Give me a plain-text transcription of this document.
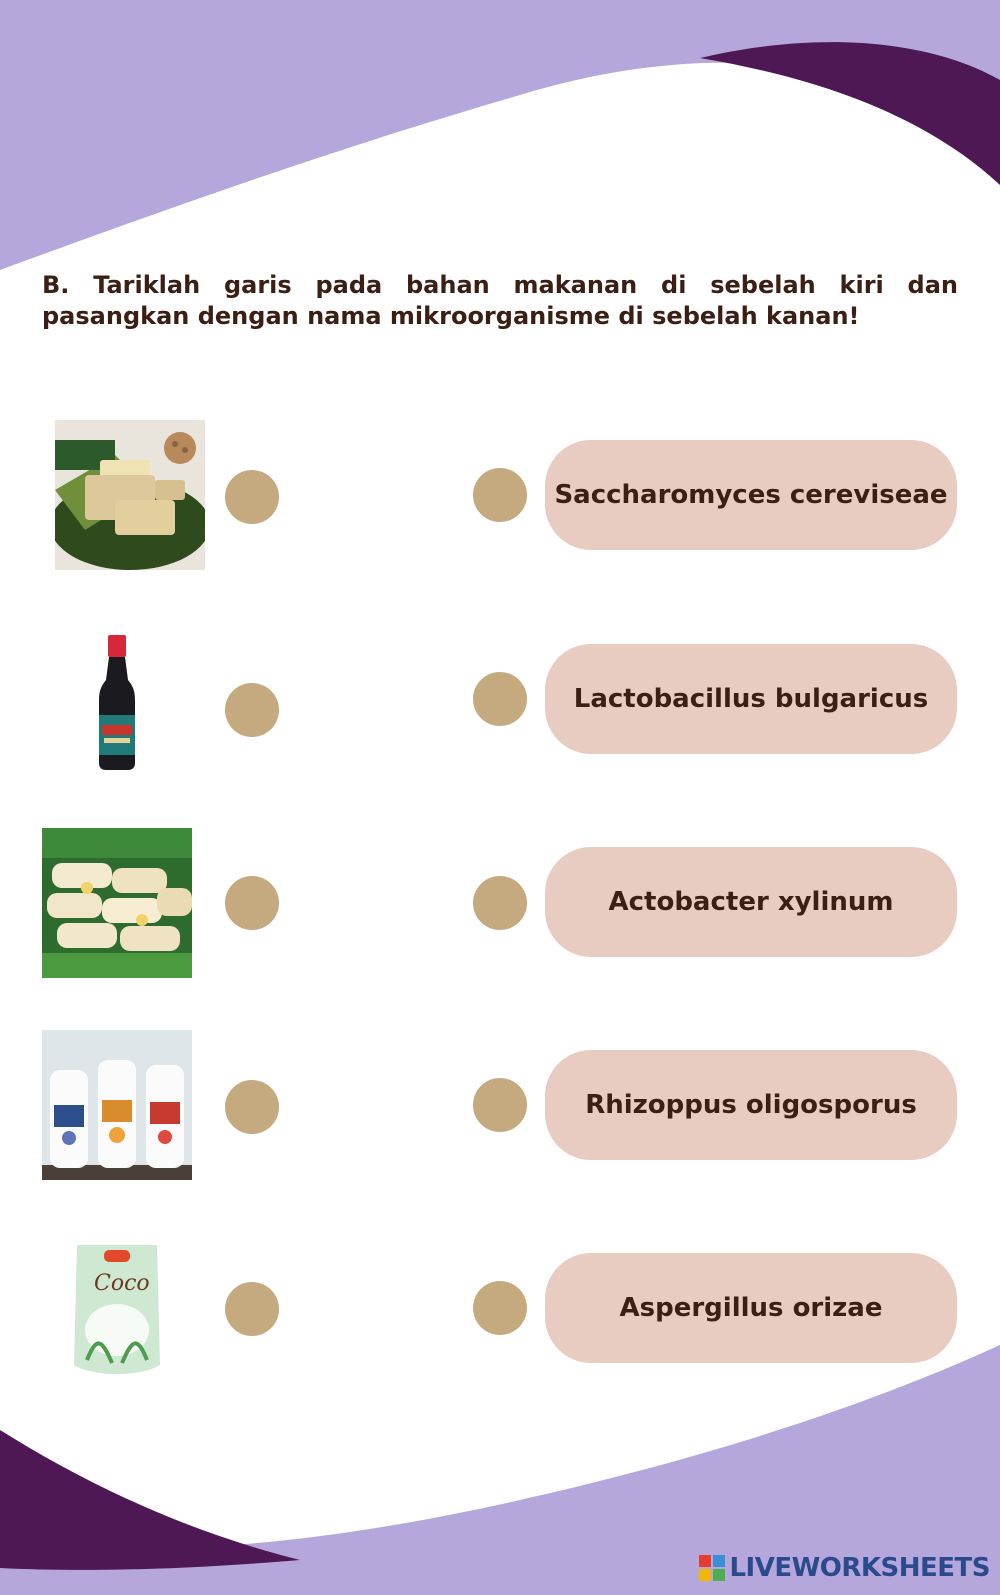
B. Tariklah garis pada bahan makanan di sebelah kiri dan pasangkan dengan nama mikroorganisme di sebelah kanan!

Coco
Saccharomyces cereviseae
Lactobacillus bulgaricus
Actobacter xylinum
Rhizoppus oligosporus
Aspergillus orizae
LIVEWORKSHEETS
